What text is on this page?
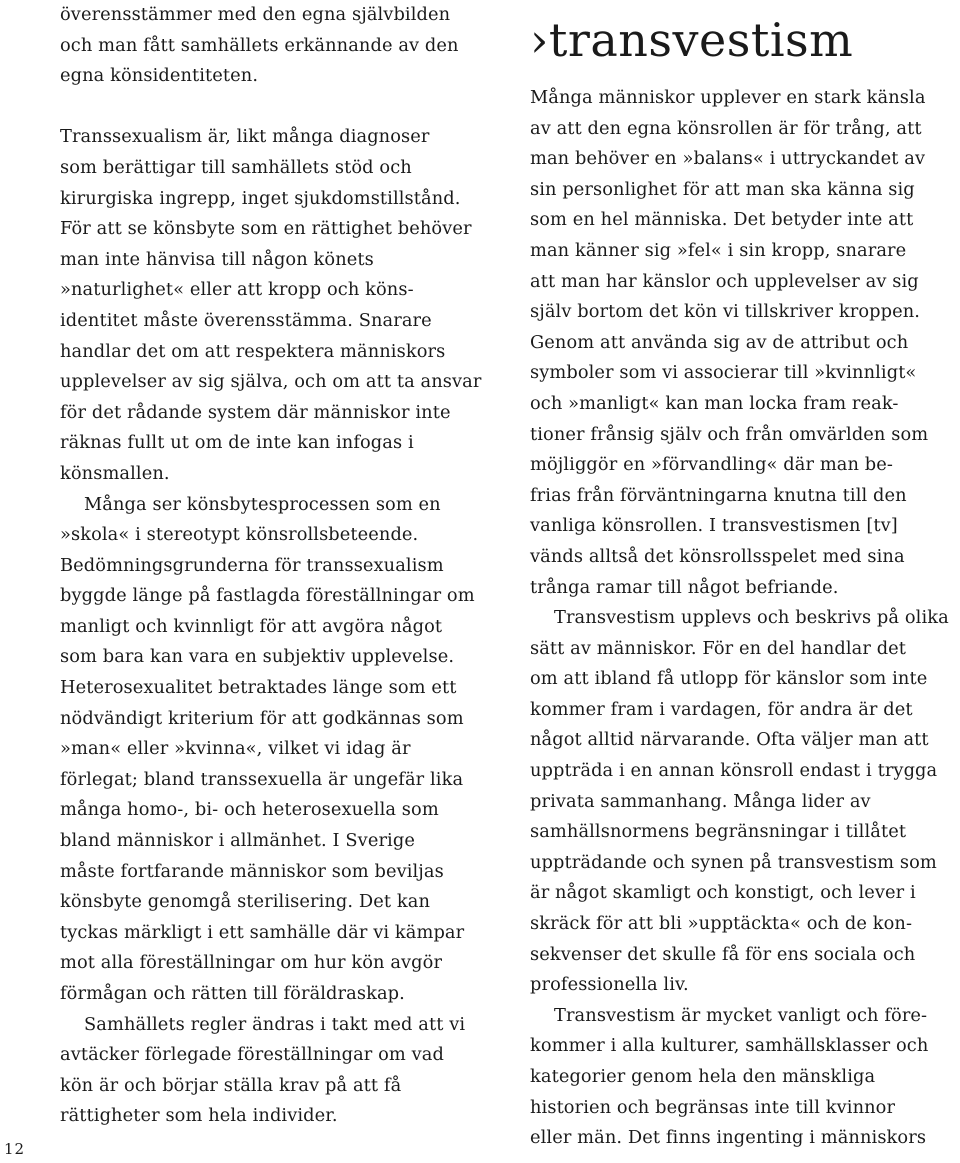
överensstämmer med den egna självbilden
och man fått samhällets erkännande av den
egna könsidentiteten.
Transsexualism är, likt många diagnoser
som berättigar till samhällets stöd och
kirurgiska ingrepp, inget sjukdomstillstånd.
För att se könsbyte som en rättighet behöver
man inte hänvisa till någon könets
»naturlighet« eller att kropp och köns-
identitet måste överensstämma. Snarare
handlar det om att respektera människors
upplevelser av sig själva, och om att ta ansvar
för det rådande system där människor inte
räknas fullt ut om de inte kan infogas i
könsmallen.
Många ser könsbytesprocessen som en
»skola« i stereotypt könsrollsbeteende.
Bedömningsgrunderna för transsexualism
byggde länge på fastlagda föreställningar om
manligt och kvinnligt för att avgöra något
som bara kan vara en subjektiv upplevelse.
Heterosexualitet betraktades länge som ett
nödvändigt kriterium för att godkännas som
»man« eller »kvinna«, vilket vi idag är
förlegat; bland transsexuella är ungefär lika
många homo-, bi- och heterosexuella som
bland människor i allmänhet. I Sverige
måste fortfarande människor som beviljas
könsbyte genomgå sterilisering. Det kan
tyckas märkligt i ett samhälle där vi kämpar
mot alla föreställningar om hur kön avgör
förmågan och rätten till föräldraskap.
Samhällets regler ändras i takt med att vi
avtäcker förlegade föreställningar om vad
kön är och börjar ställa krav på att få
rättigheter som hela individer.
›transvestism
Många människor upplever en stark känsla
av att den egna könsrollen är för trång, att
man behöver en »balans« i uttryckandet av
sin personlighet för att man ska känna sig
som en hel människa. Det betyder inte att
man känner sig »fel« i sin kropp, snarare
att man har känslor och upplevelser av sig
själv bortom det kön vi tillskriver kroppen.
Genom att använda sig av de attribut och
symboler som vi associerar till »kvinnligt«
och »manligt« kan man locka fram reak-
tioner frånsig själv och från omvärlden som
möjliggör en »förvandling« där man be-
frias från förväntningarna knutna till den
vanliga könsrollen. I transvestismen [tv]
vänds alltså det könsrollsspelet med sina
trånga ramar till något befriande.
Transvestism upplevs och beskrivs på olika
sätt av människor. För en del handlar det
om att ibland få utlopp för känslor som inte
kommer fram i vardagen, för andra är det
något alltid närvarande. Ofta väljer man att
uppträda i en annan könsroll endast i trygga
privata sammanhang. Många lider av
samhällsnormens begränsningar i tillåtet
uppträdande och synen på transvestism som
är något skamligt och konstigt, och lever i
skräck för att bli »upptäckta« och de kon-
sekvenser det skulle få för ens sociala och
professionella liv.
Transvestism är mycket vanligt och före-
kommer i alla kulturer, samhällsklasser och
kategorier genom hela den mänskliga
historien och begränsas inte till kvinnor
eller män. Det finns ingenting i människors
12
